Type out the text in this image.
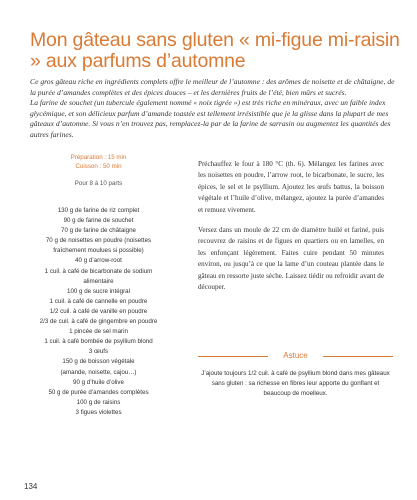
Mon gâteau sans gluten « mi-figue mi-raisin » aux parfums d’automne

Ce gros gâteau riche en ingrédients complets offre le meilleur de l’automne : des arômes de noisette et de châtaigne, de la purée d’amandes complètes et des épices douces – et les dernières fruits de l’été, bien mûrs et sucrés.

La farine de souchet (un tubercule également nommé « noix tigrée ») est très riche en minéraux, avec un faible index glycémique, et son délicieux parfum d’amande toastée est tellement irrésistible que je la glisse dans la plupart de mes gâteaux d’automne. Si vous n’en trouvez pas, remplacez-la par de la farine de sarrasin ou augmentez les quantités des autres farines.

Préparation : 15 min
Cuisson : 50 min
Pour 8 à 10 parts
130 g de farine de riz complet
90 g de farine de souchet
70 g de farine de châtaigne
70 g de noisettes en poudre (noisettes
fraîchement moulues si possible)
40 g d’arrow-root
1 cuil. à café de bicarbonate de sodium
alimentaire
100 g de sucre intégral
1 cuil. à café de cannelle en poudre
1/2 cuil. à café de vanille en poudre
2/3 de cuil. à café de gingembre en poudre
1 pincée de sel marin
1 cuil. à café bombée de psyllium blond
3 œufs
150 g de boisson végétale
(amande, noisette, cajou…)
90 g d’huile d’olive
50 g de purée d’amandes complètes
100 g de raisins
3 figues violettes

Préchauffez le four à 180 °C (th. 6). Mélangez les farines avec les noisettes en poudre, l’arrow root, le bicarbonate, le sucre, les épices, le sel et le psyllium. Ajoutez les œufs battus, la boisson végétale et l’huile d’olive, mélangez, ajoutez la purée d’amandes et remuez vivement.

Versez dans un moule de 22 cm de diamètre huilé et fariné, puis recouvrez de raisins et de figues en quartiers ou en lamelles, en les enfonçant légèrement. Faites cuire pendant 50 minutes environ, ou jusqu’à ce que la lame d’un couteau plantée dans le gâteau en ressorte juste sèche. Laissez tiédir ou refroidir avant de découper.

Astuce
J’ajoute toujours 1/2 cuil. à café de psyllium blond dans mes gâteaux sans gluten : sa richesse en fibres leur apporte du gonflant et beaucoup de moelleux.
134
